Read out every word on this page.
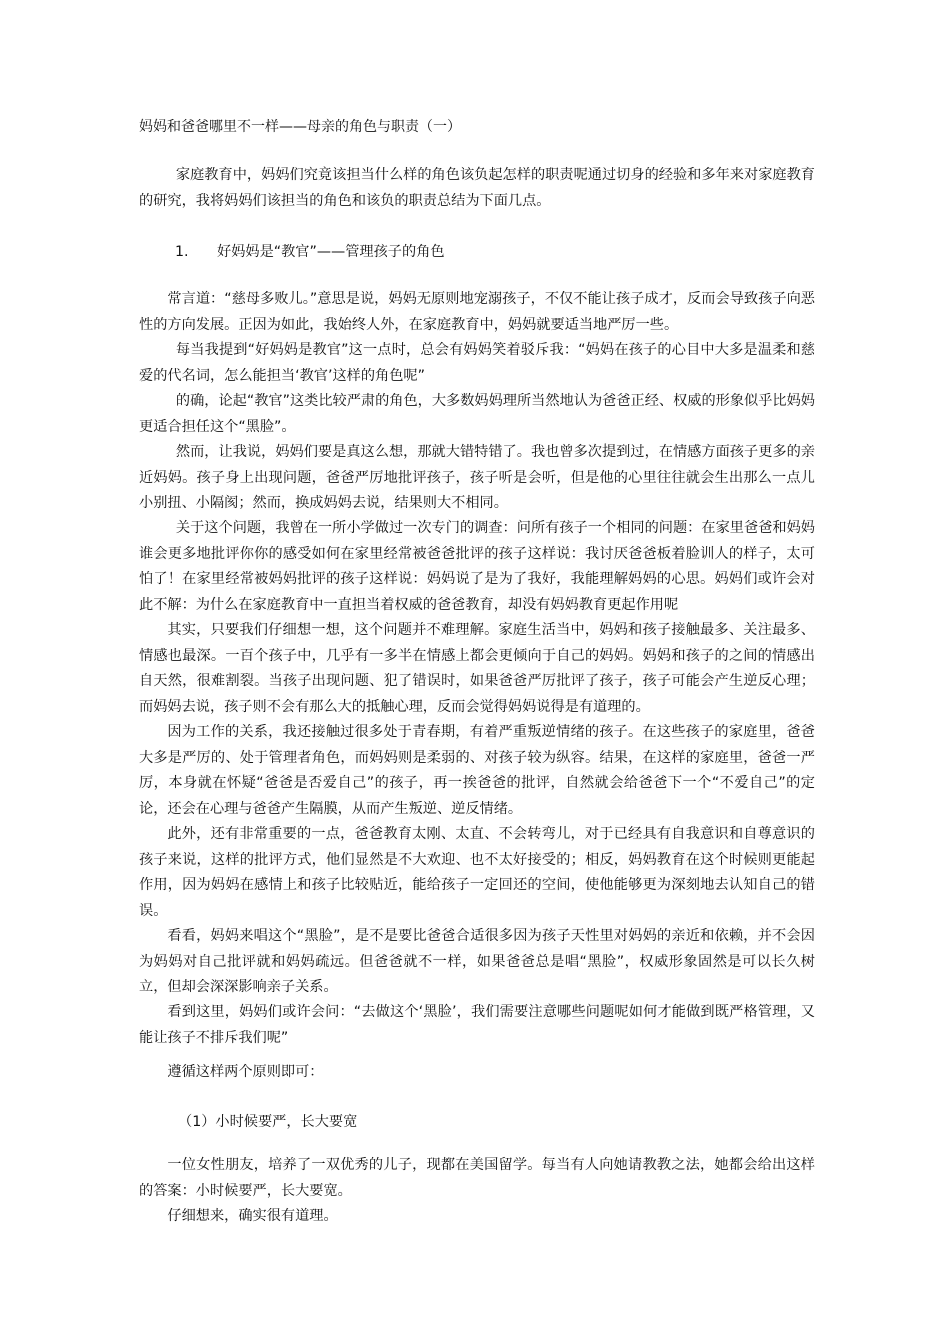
妈妈和爸爸哪里不一样——母亲的角色与职责（一）

家庭教育中，妈妈们究竟该担当什么样的角色该负起怎样的职责呢通过切身的经验和多年来对家庭教育的研究，我将妈妈们该担当的角色和该负的职责总结为下面几点。

1. 好妈妈是“教官”——管理孩子的角色

常言道：“慈母多败儿。”意思是说，妈妈无原则地宠溺孩子，不仅不能让孩子成才，反而会导致孩子向恶性的方向发展。正因为如此，我始终人外，在家庭教育中，妈妈就要适当地严厉一些。

每当我提到“好妈妈是教官”这一点时，总会有妈妈笑着驳斥我：“妈妈在孩子的心目中大多是温柔和慈爱的代名词，怎么能担当‘教官’这样的角色呢”

的确，论起“教官”这类比较严肃的角色，大多数妈妈理所当然地认为爸爸正经、权威的形象似乎比妈妈更适合担任这个“黑脸”。

然而，让我说，妈妈们要是真这么想，那就大错特错了。我也曾多次提到过，在情感方面孩子更多的亲近妈妈。孩子身上出现问题，爸爸严厉地批评孩子，孩子听是会听，但是他的心里往往就会生出那么一点儿小别扭、小隔阂；然而，换成妈妈去说，结果则大不相同。

关于这个问题，我曾在一所小学做过一次专门的调查：问所有孩子一个相同的问题：在家里爸爸和妈妈谁会更多地批评你你的感受如何在家里经常被爸爸批评的孩子这样说：我讨厌爸爸板着脸训人的样子，太可怕了！在家里经常被妈妈批评的孩子这样说：妈妈说了是为了我好，我能理解妈妈的心思。妈妈们或许会对此不解：为什么在家庭教育中一直担当着权威的爸爸教育，却没有妈妈教育更起作用呢

其实，只要我们仔细想一想，这个问题并不难理解。家庭生活当中，妈妈和孩子接触最多、关注最多、情感也最深。一百个孩子中，几乎有一多半在情感上都会更倾向于自己的妈妈。妈妈和孩子的之间的情感出自天然，很难割裂。当孩子出现问题、犯了错误时，如果爸爸严厉批评了孩子，孩子可能会产生逆反心理；而妈妈去说，孩子则不会有那么大的抵触心理，反而会觉得妈妈说得是有道理的。

因为工作的关系，我还接触过很多处于青春期，有着严重叛逆情绪的孩子。在这些孩子的家庭里，爸爸大多是严厉的、处于管理者角色，而妈妈则是柔弱的、对孩子较为纵容。结果，在这样的家庭里，爸爸一严厉，本身就在怀疑“爸爸是否爱自己”的孩子，再一挨爸爸的批评，自然就会给爸爸下一个“不爱自己”的定论，还会在心理与爸爸产生隔膜，从而产生叛逆、逆反情绪。

此外，还有非常重要的一点，爸爸教育太刚、太直、不会转弯儿，对于已经具有自我意识和自尊意识的孩子来说，这样的批评方式，他们显然是不大欢迎、也不太好接受的；相反，妈妈教育在这个时候则更能起作用，因为妈妈在感情上和孩子比较贴近，能给孩子一定回还的空间，使他能够更为深刻地去认知自己的错误。

看看，妈妈来唱这个“黑脸”，是不是要比爸爸合适很多因为孩子天性里对妈妈的亲近和依赖，并不会因为妈妈对自己批评就和妈妈疏远。但爸爸就不一样，如果爸爸总是唱“黑脸”，权威形象固然是可以长久树立，但却会深深影响亲子关系。

看到这里，妈妈们或许会问：“去做这个‘黑脸’，我们需要注意哪些问题呢如何才能做到既严格管理，又能让孩子不排斥我们呢”

遵循这样两个原则即可：

（1）小时候要严，长大要宽

一位女性朋友，培养了一双优秀的儿子，现都在美国留学。每当有人向她请教教之法，她都会给出这样的答案：小时候要严，长大要宽。

仔细想来，确实很有道理。
